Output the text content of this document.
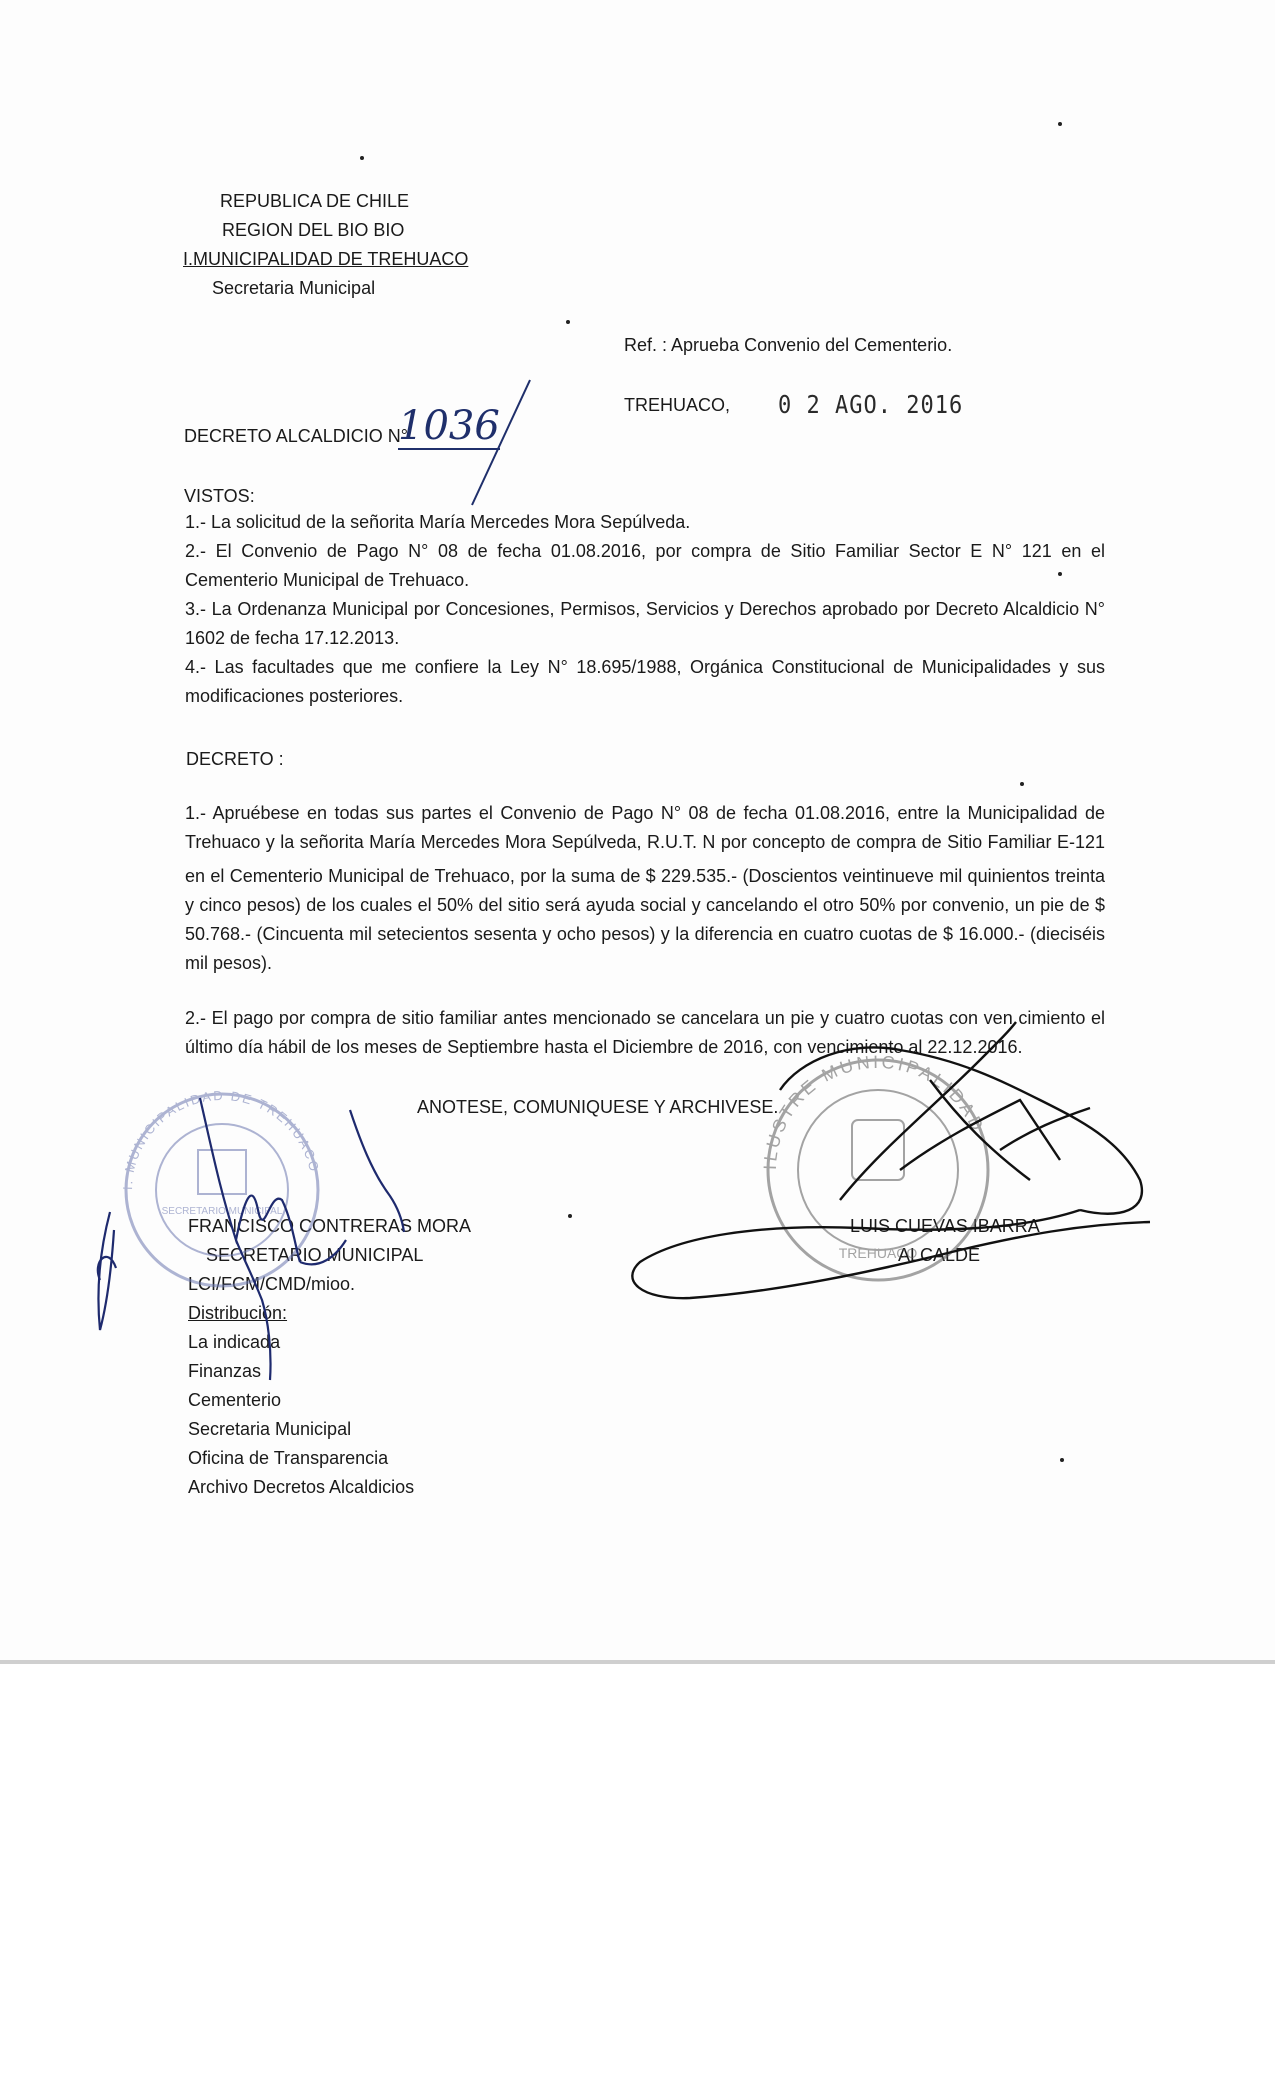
REPUBLICA DE CHILE
REGION DEL BIO BIO
I.MUNICIPALIDAD DE TREHUACO
Secretaria Municipal
Ref. : Aprueba Convenio del Cementerio.
TREHUACO, 0 2 AGO. 2016
DECRETO ALCALDICIO N°
1036
VISTOS:
1.- La solicitud de la señorita María Mercedes Mora Sepúlveda.
2.- El Convenio de Pago N° 08 de fecha 01.08.2016, por compra de Sitio Familiar Sector E N° 121 en el Cementerio Municipal de Trehuaco.
3.- La Ordenanza Municipal por Concesiones, Permisos, Servicios y Derechos aprobado por Decreto Alcaldicio N° 1602 de fecha 17.12.2013.
4.- Las facultades que me confiere la Ley N° 18.695/1988, Orgánica Constitucional de Municipalidades y sus modificaciones posteriores.
DECRETO :
1.- Apruébese en todas sus partes el Convenio de Pago N° 08 de fecha 01.08.2016, entre la Municipalidad de Trehuaco y la señorita María Mercedes Mora Sepúlveda, R.U.T. N por concepto de compra de Sitio Familiar E-121 en el Cementerio Municipal de Trehuaco, por la suma de $ 229.535.- (Doscientos veintinueve mil quinientos treinta y cinco pesos) de los cuales el 50% del sitio será ayuda social y cancelando el otro 50% por convenio, un pie de $ 50.768.- (Cincuenta mil setecientos sesenta y ocho pesos) y la diferencia en cuatro cuotas de $ 16.000.- (dieciséis mil pesos).
2.- El pago por compra de sitio familiar antes mencionado se cancelara un pie y cuatro cuotas con ven cimiento el último día hábil de los meses de Septiembre hasta el Diciembre de 2016, con vencimiento al 22.12.2016.
ANOTESE, COMUNIQUESE Y ARCHIVESE.
FRANCISCO CONTRERAS MORA
SECRETARIO MUNICIPAL
LCI/FCM/CMD/mioo.
LUIS CUEVAS IBARRA
ALCALDE
Distribución:
La indicada
Finanzas
Cementerio
Secretaria Municipal
Oficina de Transparencia
Archivo Decretos Alcaldicios
I. MUNICIPALIDAD DE TREHUACO
SECRETARIO MUNICIPAL
ILUSTRE MUNICIPALIDAD
TREHUACO
